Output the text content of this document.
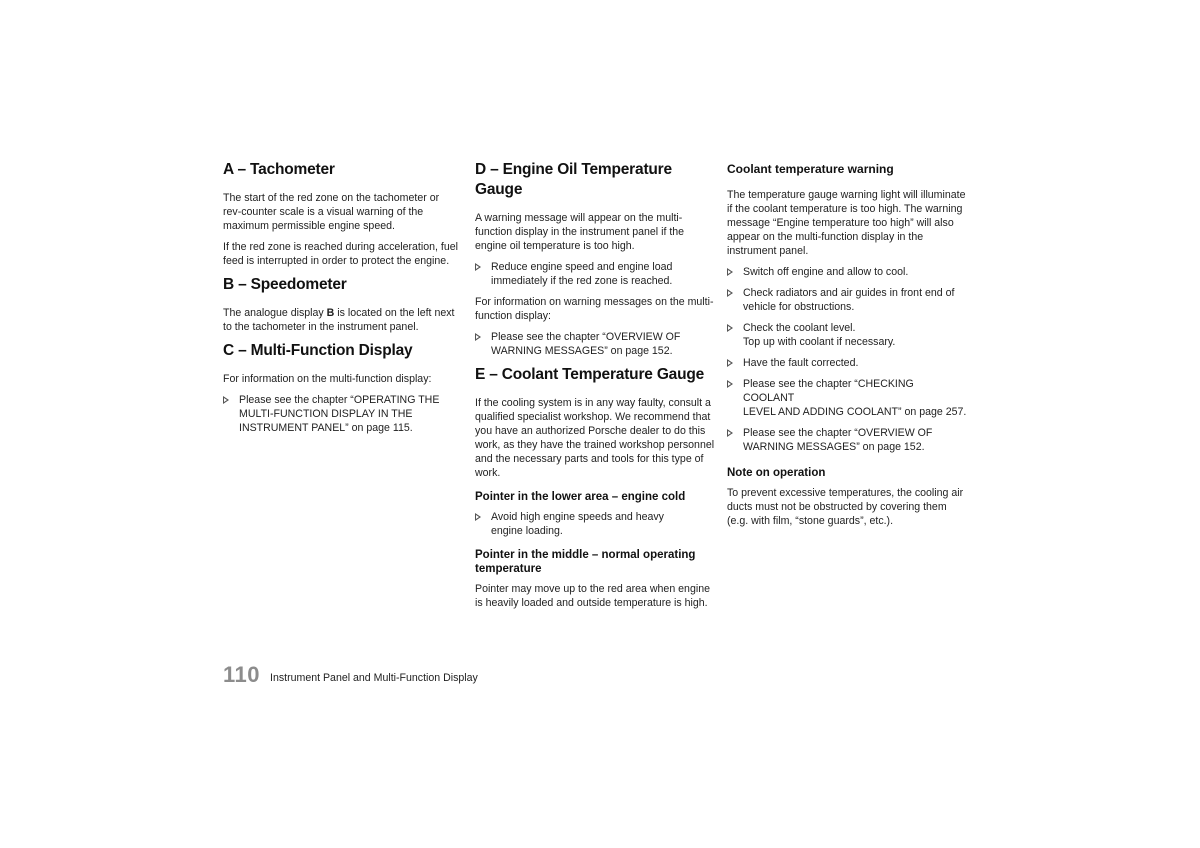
A – Tachometer

The start of the red zone on the tachometer or rev-counter scale is a visual warning of the maximum permissible engine speed.

If the red zone is reached during acceleration, fuel feed is interrupted in order to protect the engine.

B – Speedometer

The analogue display B is located on the left next to the tachometer in the instrument panel.

C – Multi-Function Display

For information on the multi-function display:

Please see the chapter “OPERATING THE
MULTI-FUNCTION DISPLAY IN THE
INSTRUMENT PANEL” on page 115.
D – Engine Oil Temperature Gauge

A warning message will appear on the multi-function display in the instrument panel if the engine oil temperature is too high.

Reduce engine speed and engine load immediately if the red zone is reached.

For information on warning messages on the multi-function display:

Please see the chapter “OVERVIEW OF
WARNING MESSAGES” on page 152.
E – Coolant Temperature Gauge

If the cooling system is in any way faulty, consult a qualified specialist workshop. We recommend that you have an authorized Porsche dealer to do this work, as they have the trained workshop personnel and the necessary parts and tools for this type of work.

Pointer in the lower area – engine cold
Avoid high engine speeds and heavy
engine loading.
Pointer in the middle – normal operating temperature

Pointer may move up to the red area when engine is heavily loaded and outside temperature is high.

Coolant temperature warning

The temperature gauge warning light will illuminate if the coolant temperature is too high. The warning message “Engine temperature too high” will also appear on the multi-function display in the instrument panel.

Switch off engine and allow to cool.
Check radiators and air guides in front end of vehicle for obstructions.
Check the coolant level.
Top up with coolant if necessary.
Have the fault corrected.
Please see the chapter “CHECKING COOLANT
LEVEL AND ADDING COOLANT” on page 257.
Please see the chapter “OVERVIEW OF
WARNING MESSAGES” on page 152.
Note on operation

To prevent excessive temperatures, the cooling air ducts must not be obstructed by covering them (e.g. with film, “stone guards”, etc.).

110 Instrument Panel and Multi-Function Display
